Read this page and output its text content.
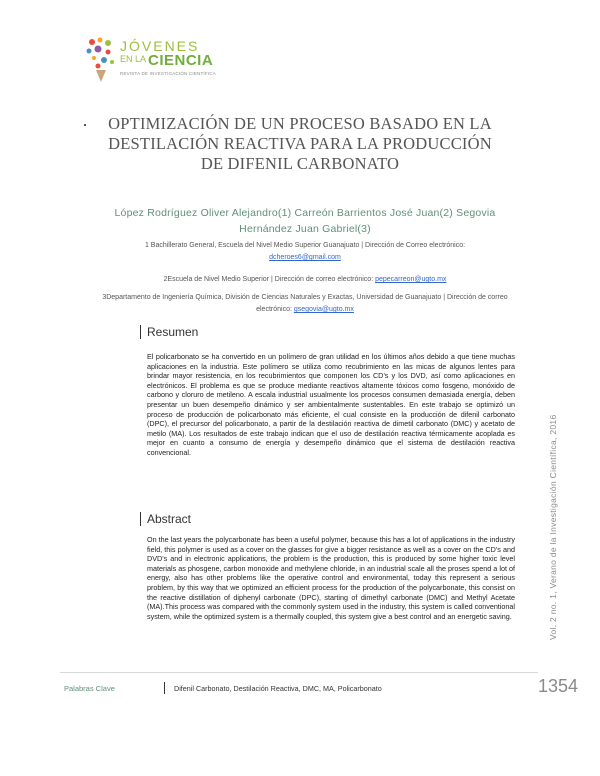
JÓVENES
EN LA CIENCIA
REVISTA DE INVESTIGACIÓN CIENTÍFICA
OPTIMIZACIÓN DE UN PROCESO BASADO EN LA DESTILACIÓN REACTIVA PARA LA PRODUCCIÓN DE DIFENIL CARBONATO
López Rodríguez Oliver Alejandro(1) Carreón Barrientos José Juan(2) Segovia Hernández Juan Gabriel(3)
1 Bachillerato General, Escuela del Nivel Medio Superior Guanajuato | Dirección de Correo electrónico:
dcheroes6@gmail.com
2Escuela de Nivel Medio Superior | Dirección de correo electrónico: pepecarreon@ugto.mx
3Departamento de Ingeniería Química, División de Ciencias Naturales y Exactas, Universidad de Guanajuato | Dirección de correo electrónico: gsegovia@ugto.mx
Resumen
El policarbonato se ha convertido en un polímero de gran utilidad en los últimos años debido a que tiene muchas aplicaciones en la industria. Este polímero se utiliza como recubrimiento en las micas de algunos lentes para brindar mayor resistencia, en los recubrimientos que componen los CD’s y los DVD, así como aplicaciones en electrónicos. El problema es que se produce mediante reactivos altamente tóxicos como fosgeno, monóxido de carbono y cloruro de metileno. A escala industrial usualmente los procesos consumen demasiada energía, deben presentar un buen desempeño dinámico y ser ambientalmente sustentables. En este trabajo se optimizó un proceso de producción de policarbonato más eficiente, el cual consiste en la producción de difenil carbonato (DPC), el precursor del policarbonato, a partir de la destilación reactiva de dimetil carbonato (DMC) y acetato de metilo (MA). Los resultados de este trabajo indican que el uso de destilación reactiva térmicamente acoplada es mejor en cuanto a consumo de energía y desempeño dinámico que el sistema de destilación reactiva convencional.
Abstract
On the last years the polycarbonate has been a useful polymer, because this has a lot of applications in the industry field, this polymer is used as a cover on the glasses for give a bigger resistance as well as a cover on the CD’s and DVD’s and in electronic applications, the problem is the production, this is produced by some higher toxic level materials as phosgene, carbon monoxide and methylene chloride, in an industrial scale all the proses spend a lot of energy, also has other problems like the operative control and environmental, today this represent a serious problem, by this way that we optimized an efficient process for the production of the polycarbonate, this consist on the reactive distillation of diphenyl carbonate (DPC), starting of dimethyl carbonate (DMC) and Methyl Acetate (MA).This process was compared with the commonly system used in the industry, this system is called conventional system, while the optimized system is a thermally coupled, this system give a best control and an energetic saving.	Vol. 2 no. 1, Verano de la Investigación Científica, 2016
Palabras Clave	Difenil Carbonato, Destilación Reactiva, DMC, MA, Policarbonato	1354
